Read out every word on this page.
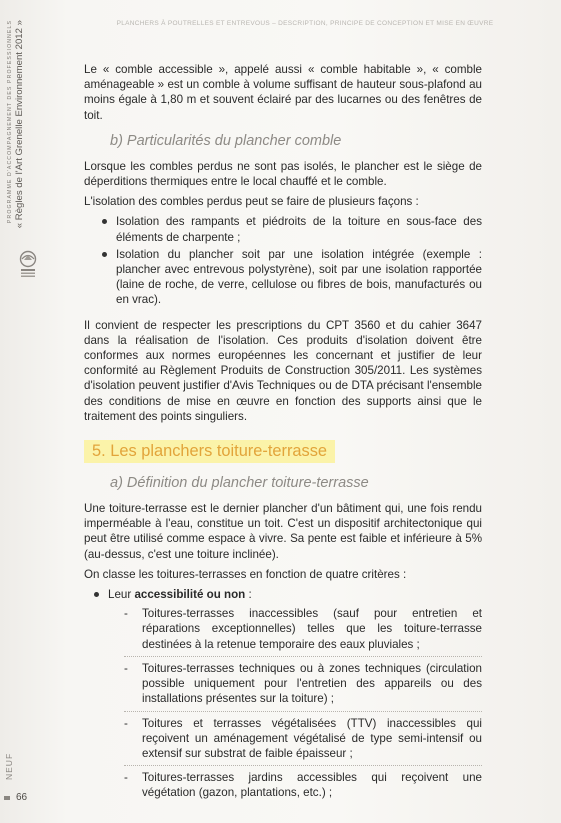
PLANCHERS À POUTRELLES ET ENTREVOUS – DESCRIPTION, PRINCIPE DE CONCEPTION ET MISE EN ŒUVRE
PROGRAMME D'ACCOMPAGNEMENT DES PROFESSIONNELS « Règles de l'Art Grenelle Environnement 2012 »
NEUF
66

Le « comble accessible », appelé aussi « comble habitable », « comble aménageable » est un comble à volume suffisant de hauteur sous-plafond au moins égale à 1,80 m et souvent éclairé par des lucarnes ou des fenêtres de toit.

b) Particularités du plancher comble

Lorsque les combles perdus ne sont pas isolés, le plancher est le siège de déperditions thermiques entre le local chauffé et le comble.

L'isolation des combles perdus peut se faire de plusieurs façons :

Isolation des rampants et piédroits de la toiture en sous-face des éléments de charpente ;
Isolation du plancher soit par une isolation intégrée (exemple : plancher avec entrevous polystyrène), soit par une isolation rapportée (laine de roche, de verre, cellulose ou fibres de bois, manufacturés ou en vrac).

Il convient de respecter les prescriptions du CPT 3560 et du cahier 3647 dans la réalisation de l'isolation. Ces produits d'isolation doivent être conformes aux normes européennes les concernant et justifier de leur conformité au Règlement Produits de Construction 305/2011. Les systèmes d'isolation peuvent justifier d'Avis Techniques ou de DTA précisant l'ensemble des conditions de mise en œuvre en fonction des supports ainsi que le traitement des points singuliers.

5. Les planchers toiture-terrasse
a) Définition du plancher toiture-terrasse

Une toiture-terrasse est le dernier plancher d'un bâtiment qui, une fois rendu imperméable à l'eau, constitue un toit. C'est un dispositif architectonique qui peut être utilisé comme espace à vivre. Sa pente est faible et inférieure à 5% (au-dessus, c'est une toiture inclinée).

On classe les toitures-terrasses en fonction de quatre critères :

Leur accessibilité ou non :
- Toitures-terrasses inaccessibles (sauf pour entretien et réparations exceptionnelles) telles que les toiture-terrasse destinées à la retenue temporaire des eaux pluviales ;
- Toitures-terrasses techniques ou à zones techniques (circulation possible uniquement pour l'entretien des appareils ou des installations présentes sur la toiture) ;
- Toitures et terrasses végétalisées (TTV) inaccessibles qui reçoivent un aménagement végétalisé de type semi-intensif ou extensif sur substrat de faible épaisseur ;
- Toitures-terrasses jardins accessibles qui reçoivent une végétation (gazon, plantations, etc.) ;
